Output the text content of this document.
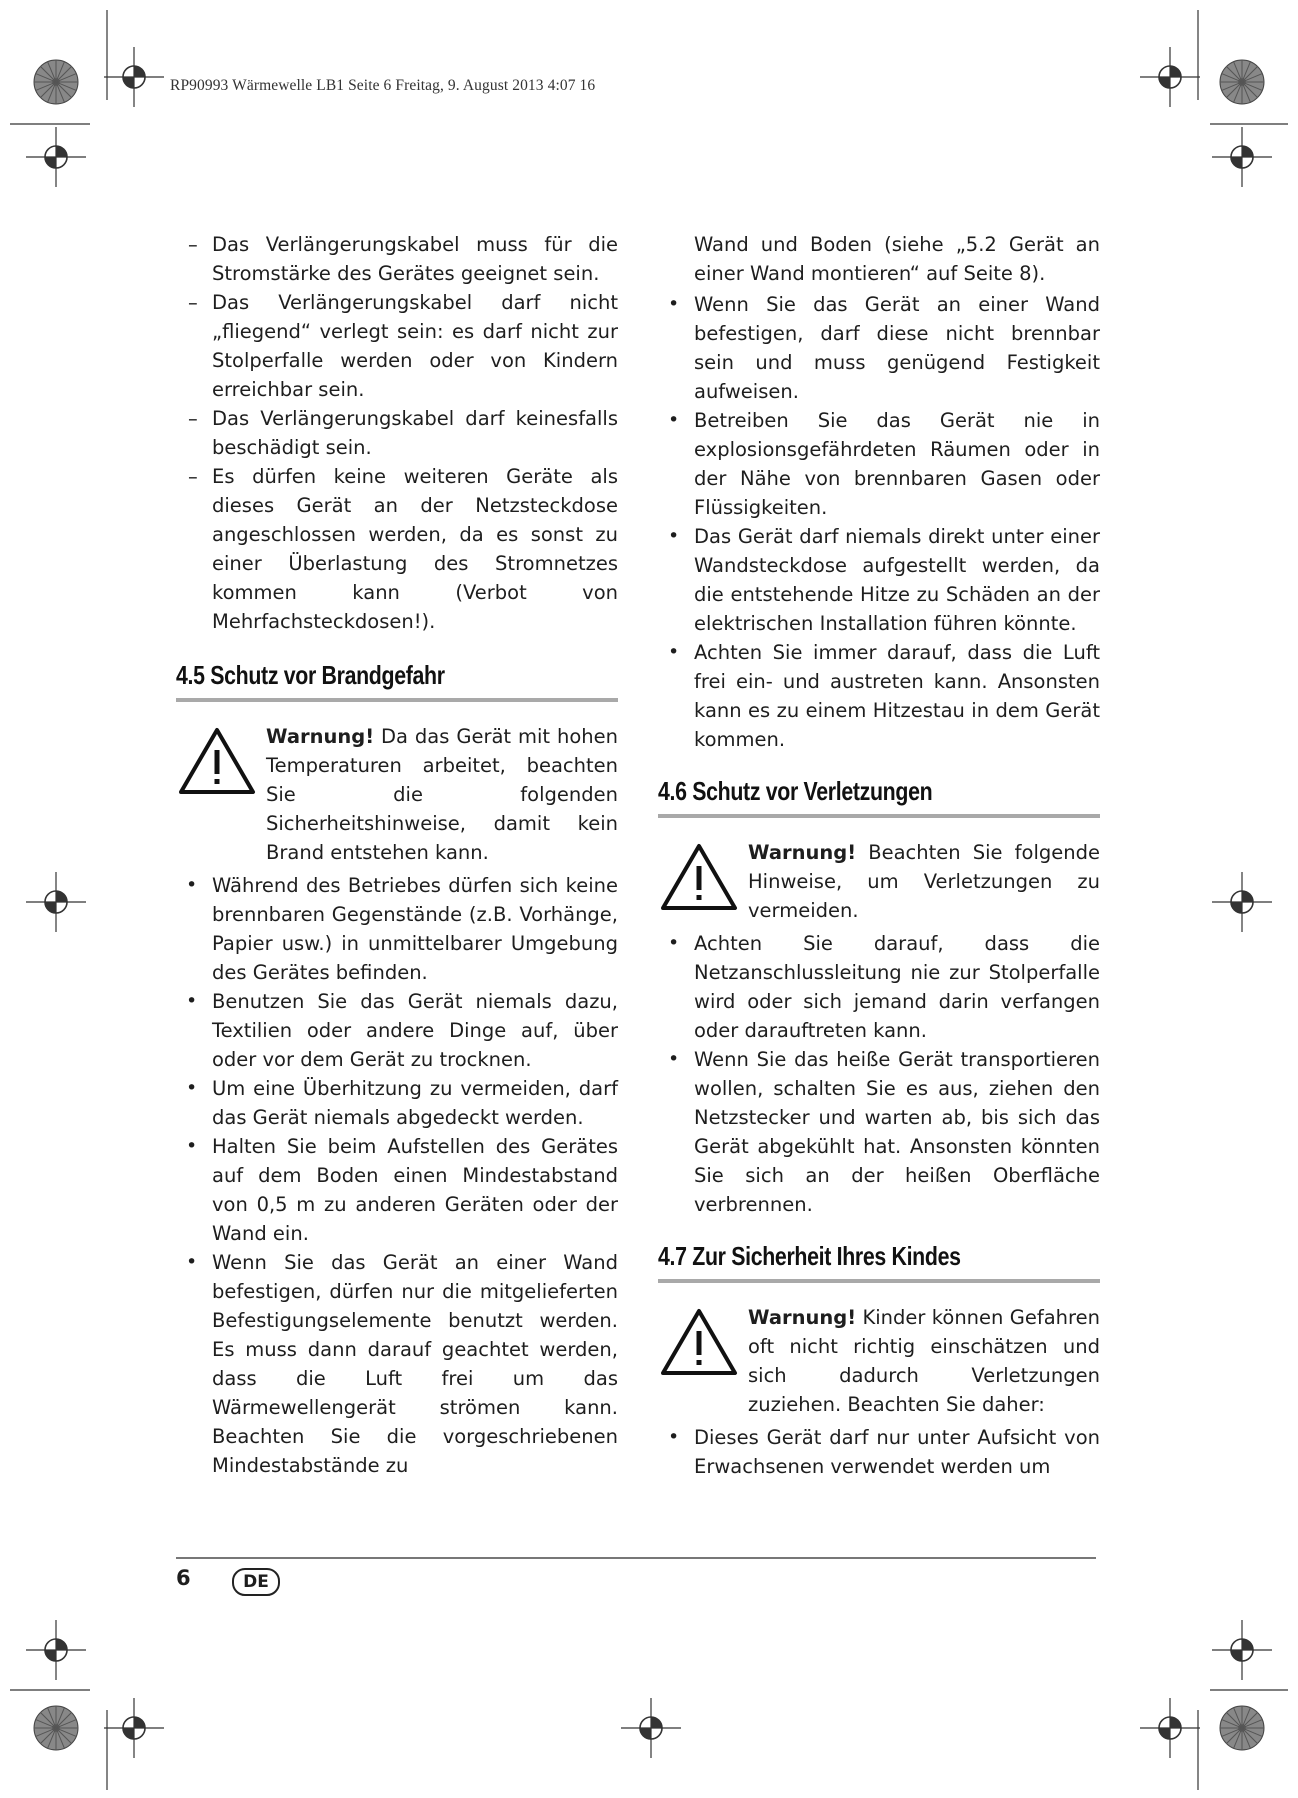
RP90993 Wärmewelle LB1 Seite 6 Freitag, 9. August 2013 4:07 16

– Das Verlängerungskabel muss für die Stromstärke des Gerätes geeignet sein.

– Das Verlängerungskabel darf nicht „fliegend“ verlegt sein: es darf nicht zur Stolperfalle werden oder von Kindern erreichbar sein.

– Das Verlängerungskabel darf keinesfalls beschädigt sein.

– Es dürfen keine weiteren Geräte als dieses Gerät an der Netzsteckdose angeschlossen werden, da es sonst zu einer Überlastung des Stromnetzes kommen kann (Verbot von Mehrfachsteckdosen!).

4.5 Schutz vor Brandgefahr

Warnung! Da das Gerät mit hohen Temperaturen arbeitet, beachten Sie die folgenden Sicherheitshinweise, damit kein Brand entstehen kann.

• Während des Betriebes dürfen sich keine brennbaren Gegenstände (z.B. Vorhänge, Papier usw.) in unmittelbarer Umgebung des Gerätes befinden.

• Benutzen Sie das Gerät niemals dazu, Textilien oder andere Dinge auf, über oder vor dem Gerät zu trocknen.

• Um eine Überhitzung zu vermeiden, darf das Gerät niemals abgedeckt werden.

• Halten Sie beim Aufstellen des Gerätes auf dem Boden einen Mindestabstand von 0,5 m zu anderen Geräten oder der Wand ein.

• Wenn Sie das Gerät an einer Wand befestigen, dürfen nur die mitgelieferten Befestigungselemente benutzt werden. Es muss dann darauf geachtet werden, dass die Luft frei um das Wärmewellengerät strömen kann. Beachten Sie die vorgeschriebenen Mindestabstände zu

Wand und Boden (siehe „5.2 Gerät an einer Wand montieren“ auf Seite 8).

• Wenn Sie das Gerät an einer Wand befestigen, darf diese nicht brennbar sein und muss genügend Festigkeit aufweisen.

• Betreiben Sie das Gerät nie in explosionsgefährdeten Räumen oder in der Nähe von brennbaren Gasen oder Flüssigkeiten.

• Das Gerät darf niemals direkt unter einer Wandsteckdose aufgestellt werden, da die entstehende Hitze zu Schäden an der elektrischen Installation führen könnte.

• Achten Sie immer darauf, dass die Luft frei ein- und austreten kann. Ansonsten kann es zu einem Hitzestau in dem Gerät kommen.

4.6 Schutz vor Verletzungen

Warnung! Beachten Sie folgende Hinweise, um Verletzungen zu vermeiden.

• Achten Sie darauf, dass die Netzanschlussleitung nie zur Stolperfalle wird oder sich jemand darin verfangen oder darauftreten kann.

• Wenn Sie das heiße Gerät transportieren wollen, schalten Sie es aus, ziehen den Netzstecker und warten ab, bis sich das Gerät abgekühlt hat. Ansonsten könnten Sie sich an der heißen Oberfläche verbrennen.

4.7 Zur Sicherheit Ihres Kindes

Warnung! Kinder können Gefahren oft nicht richtig einschätzen und sich dadurch Verletzungen zuziehen. Beachten Sie daher:

• Dieses Gerät darf nur unter Aufsicht von Erwachsenen verwendet werden um

6	DE
